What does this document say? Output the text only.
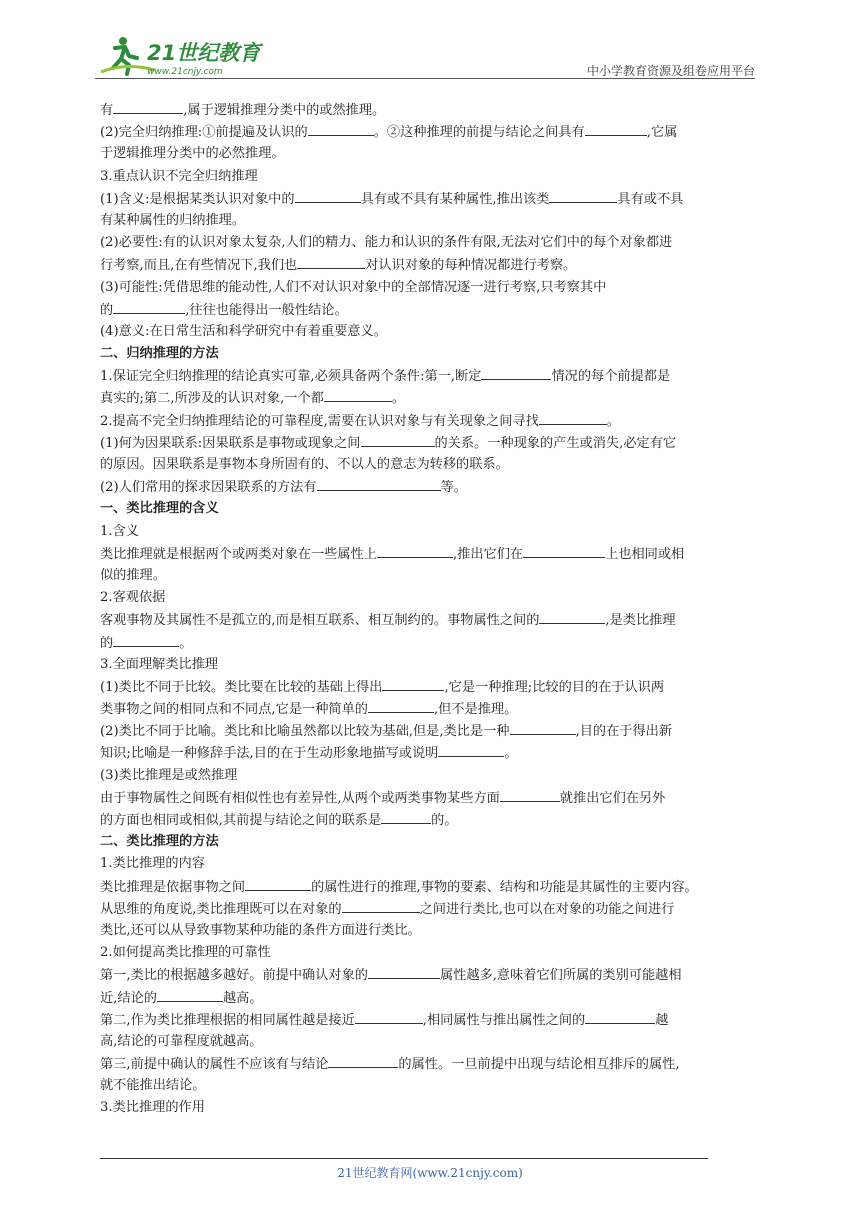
21世纪教育
www.21cnjy.com	中小学教育资源及组卷应用平台
有	,属于逻辑推理分类中的或然推理。
(2)完全归纳推理:①前提遍及认识的	。②这种推理的前提与结论之间具有	,它属
于逻辑推理分类中的必然推理。
3.重点认识不完全归纳推理
(1)含义:是根据某类认识对象中的	具有或不具有某种属性,推出该类	具有或不具
有某种属性的归纳推理。
(2)必要性:有的认识对象太复杂,人们的精力、能力和认识的条件有限,无法对它们中的每个对象都进
行考察,而且,在有些情况下,我们也	对认识对象的每种情况都进行考察。
(3)可能性:凭借思维的能动性,人们不对认识对象中的全部情况逐一进行考察,只考察其中
的	,往往也能得出一般性结论。
(4)意义:在日常生活和科学研究中有着重要意义。
二、归纳推理的方法
1.保证完全归纳推理的结论真实可靠,必须具备两个条件:第一,断定	情况的每个前提都是
真实的;第二,所涉及的认识对象,一个都	。
2.提高不完全归纳推理结论的可靠程度,需要在认识对象与有关现象之间寻找	。
(1)何为因果联系:因果联系是事物或现象之间	的关系。一种现象的产生或消失,必定有它
的原因。因果联系是事物本身所固有的、不以人的意志为转移的联系。
(2)人们常用的探求因果联系的方法有	等。
一、类比推理的含义
1.含义
类比推理就是根据两个或两类对象在一些属性上	,推出它们在	上也相同或相
似的推理。
2.客观依据
客观事物及其属性不是孤立的,而是相互联系、相互制约的。事物属性之间的	,是类比推理
的	。
3.全面理解类比推理
(1)类比不同于比较。类比要在比较的基础上得出	,它是一种推理;比较的目的在于认识两
类事物之间的相同点和不同点,它是一种简单的	,但不是推理。
(2)类比不同于比喻。类比和比喻虽然都以比较为基础,但是,类比是一种	,目的在于得出新
知识;比喻是一种修辞手法,目的在于生动形象地描写或说明	。
(3)类比推理是或然推理
由于事物属性之间既有相似性也有差异性,从两个或两类事物某些方面	就推出它们在另外
的方面也相同或相似,其前提与结论之间的联系是	的。
二、类比推理的方法
1.类比推理的内容
类比推理是依据事物之间	的属性进行的推理,事物的要素、结构和功能是其属性的主要内容。
从思维的角度说,类比推理既可以在对象的	之间进行类比,也可以在对象的功能之间进行
类比,还可以从导致事物某种功能的条件方面进行类比。
2.如何提高类比推理的可靠性
第一,类比的根据越多越好。前提中确认对象的	属性越多,意味着它们所属的类别可能越相
近,结论的	越高。
第二,作为类比推理根据的相同属性越是接近	,相同属性与推出属性之间的	越
高,结论的可靠程度就越高。
第三,前提中确认的属性不应该有与结论	的属性。一旦前提中出现与结论相互排斥的属性,
就不能推出结论。
3.类比推理的作用
21世纪教育网(www.21cnjy.com)
